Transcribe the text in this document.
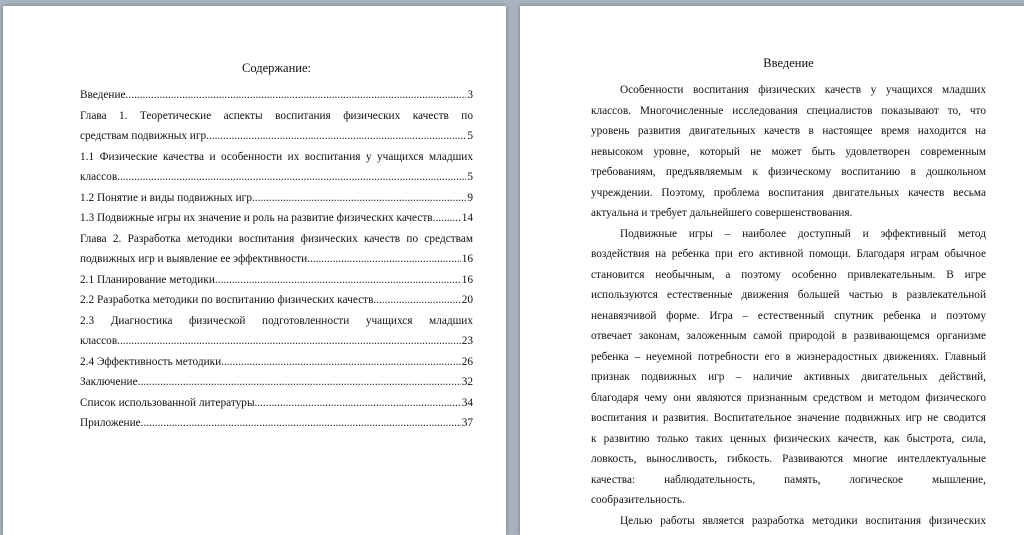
Содержание:
Введение .....	3
Глава 1. Теоретические аспекты воспитания физических качеств по
средствам подвижных игр .....	5
1.1 Физические качества и особенности их воспитания у учащихся младших
классов .....	5
1.2 Понятие и виды подвижных игр .....	9
1.3 Подвижные игры их значение и роль на развитие физических качеств .....	14
Глава 2. Разработка методики воспитания физических качеств по средствам
подвижных игр и выявление ее эффективности .....	16
2.1 Планирование методики .....	16
2.2 Разработка методики по воспитанию физических качеств .....	20
2.3 Диагностика физической подготовленности учащихся младших
классов .....	23
2.4 Эффективность методики .....	26
Заключение .....	32
Список использованной литературы .....	34
Приложение .....	37
Введение
Особенности воспитания физических качеств у учащихся младших
классов. Многочисленные исследования специалистов показывают то, что
уровень развития двигательных качеств в настоящее время находится на
невысоком уровне, который не может быть удовлетворен современным
требованиям, предъявляемым к физическому воспитанию в дошкольном
учреждении. Поэтому, проблема воспитания двигательных качеств весьма
актуальна и требует дальнейшего совершенствования.
Подвижные игры – наиболее доступный и эффективный метод
воздействия на ребенка при его активной помощи. Благодаря играм обычное
становится необычным, а поэтому особенно привлекательным. В игре
используются естественные движения большей частью в развлекательной
ненавязчивой форме. Игра – естественный спутник ребенка и поэтому
отвечает законам, заложенным самой природой в развивающемся организме
ребенка – неуемной потребности его в жизнерадостных движениях. Главный
признак подвижных игр – наличие активных двигательных действий,
благодаря чему они являются признанным средством и методом физического
воспитания и развития. Воспитательное значение подвижных игр не сводится
к развитию только таких ценных физических качеств, как быстрота, сила,
ловкость, выносливость, гибкость. Развиваются многие интеллектуальные
качества: наблюдательность, память, логическое мышление,
сообразительность.
Целью работы является разработка методики воспитания физических
